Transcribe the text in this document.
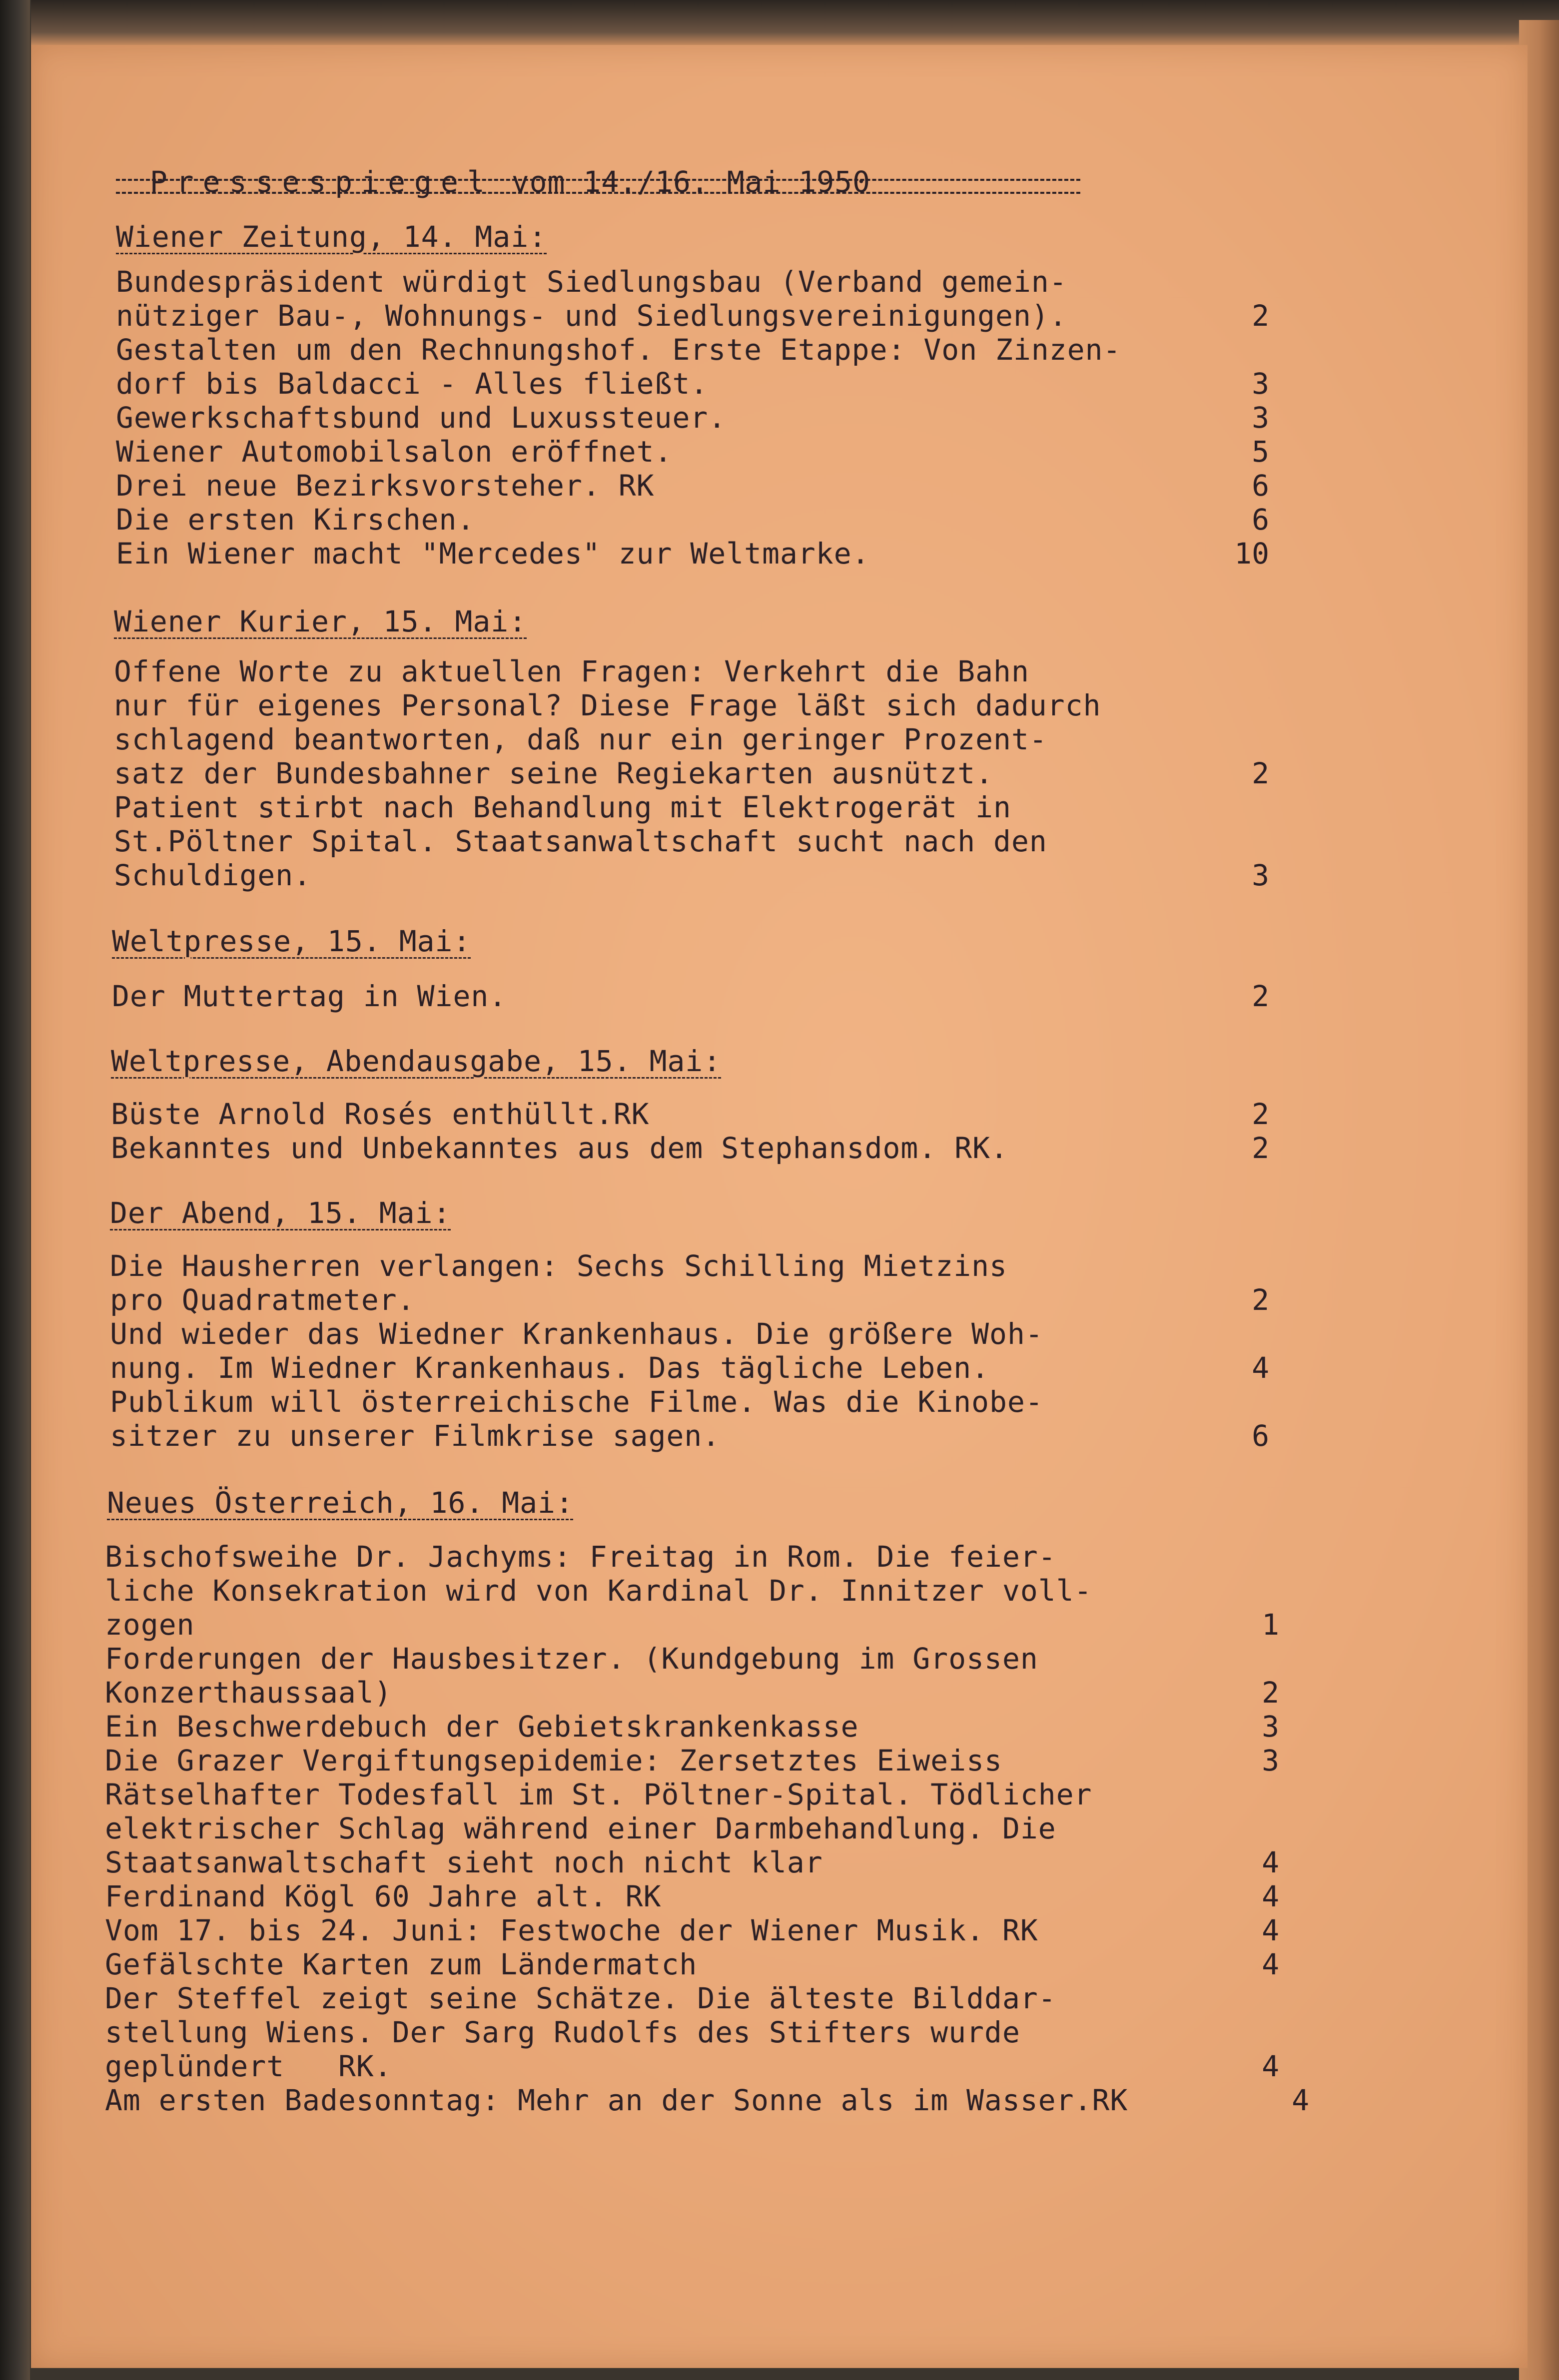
Pressespiegel vom 14./16. Mai 1950

Wiener Zeitung, 14. Mai:

Bundespräsident würdigt Siedlungsbau (Verband gemein-

nütziger Bau-, Wohnungs- und Siedlungsvereinigungen).

Gestalten um den Rechnungshof. Erste Etappe: Von Zinzen-

dorf bis Baldacci - Alles fließt.

Gewerkschaftsbund und Luxussteuer.

Wiener Automobilsalon eröffnet.

Drei neue Bezirksvorsteher. RK

Die ersten Kirschen.

Ein Wiener macht "Mercedes" zur Weltmarke.

2
3
3
5
6
6
10
Wiener Kurier, 15. Mai:

Offene Worte zu aktuellen Fragen: Verkehrt die Bahn

nur für eigenes Personal? Diese Frage läßt sich dadurch

schlagend beantworten, daß nur ein geringer Prozent-

satz der Bundesbahner seine Regiekarten ausnützt.

Patient stirbt nach Behandlung mit Elektrogerät in

St.Pöltner Spital. Staatsanwaltschaft sucht nach den

Schuldigen.

2
3
Weltpresse, 15. Mai:

Der Muttertag in Wien.	2
Weltpresse, Abendausgabe, 15. Mai:

Büste Arnold Rosés enthüllt.RK

Bekanntes und Unbekanntes aus dem Stephansdom. RK.

2
2
Der Abend, 15. Mai:

Die Hausherren verlangen: Sechs Schilling Mietzins

pro Quadratmeter.

Und wieder das Wiedner Krankenhaus. Die größere Woh-

nung. Im Wiedner Krankenhaus. Das tägliche Leben.

Publikum will österreichische Filme. Was die Kinobe-

sitzer zu unserer Filmkrise sagen.

2
4
6
Neues Österreich, 16. Mai:

Bischofsweihe Dr. Jachyms: Freitag in Rom. Die feier-

liche Konsekration wird von Kardinal Dr. Innitzer voll-

zogen

Forderungen der Hausbesitzer. (Kundgebung im Grossen

Konzerthaussaal)

Ein Beschwerdebuch der Gebietskrankenkasse

Die Grazer Vergiftungsepidemie: Zersetztes Eiweiss

Rätselhafter Todesfall im St. Pöltner-Spital. Tödlicher

elektrischer Schlag während einer Darmbehandlung. Die

Staatsanwaltschaft sieht noch nicht klar

Ferdinand Kögl 60 Jahre alt. RK

Vom 17. bis 24. Juni: Festwoche der Wiener Musik. RK

Gefälschte Karten zum Ländermatch

Der Steffel zeigt seine Schätze. Die älteste Bilddar-

stellung Wiens. Der Sarg Rudolfs des Stifters wurde

geplündert   RK.

Am ersten Badesonntag: Mehr an der Sonne als im Wasser.RK

1
2
3
3
4
4
4
4
4
4
